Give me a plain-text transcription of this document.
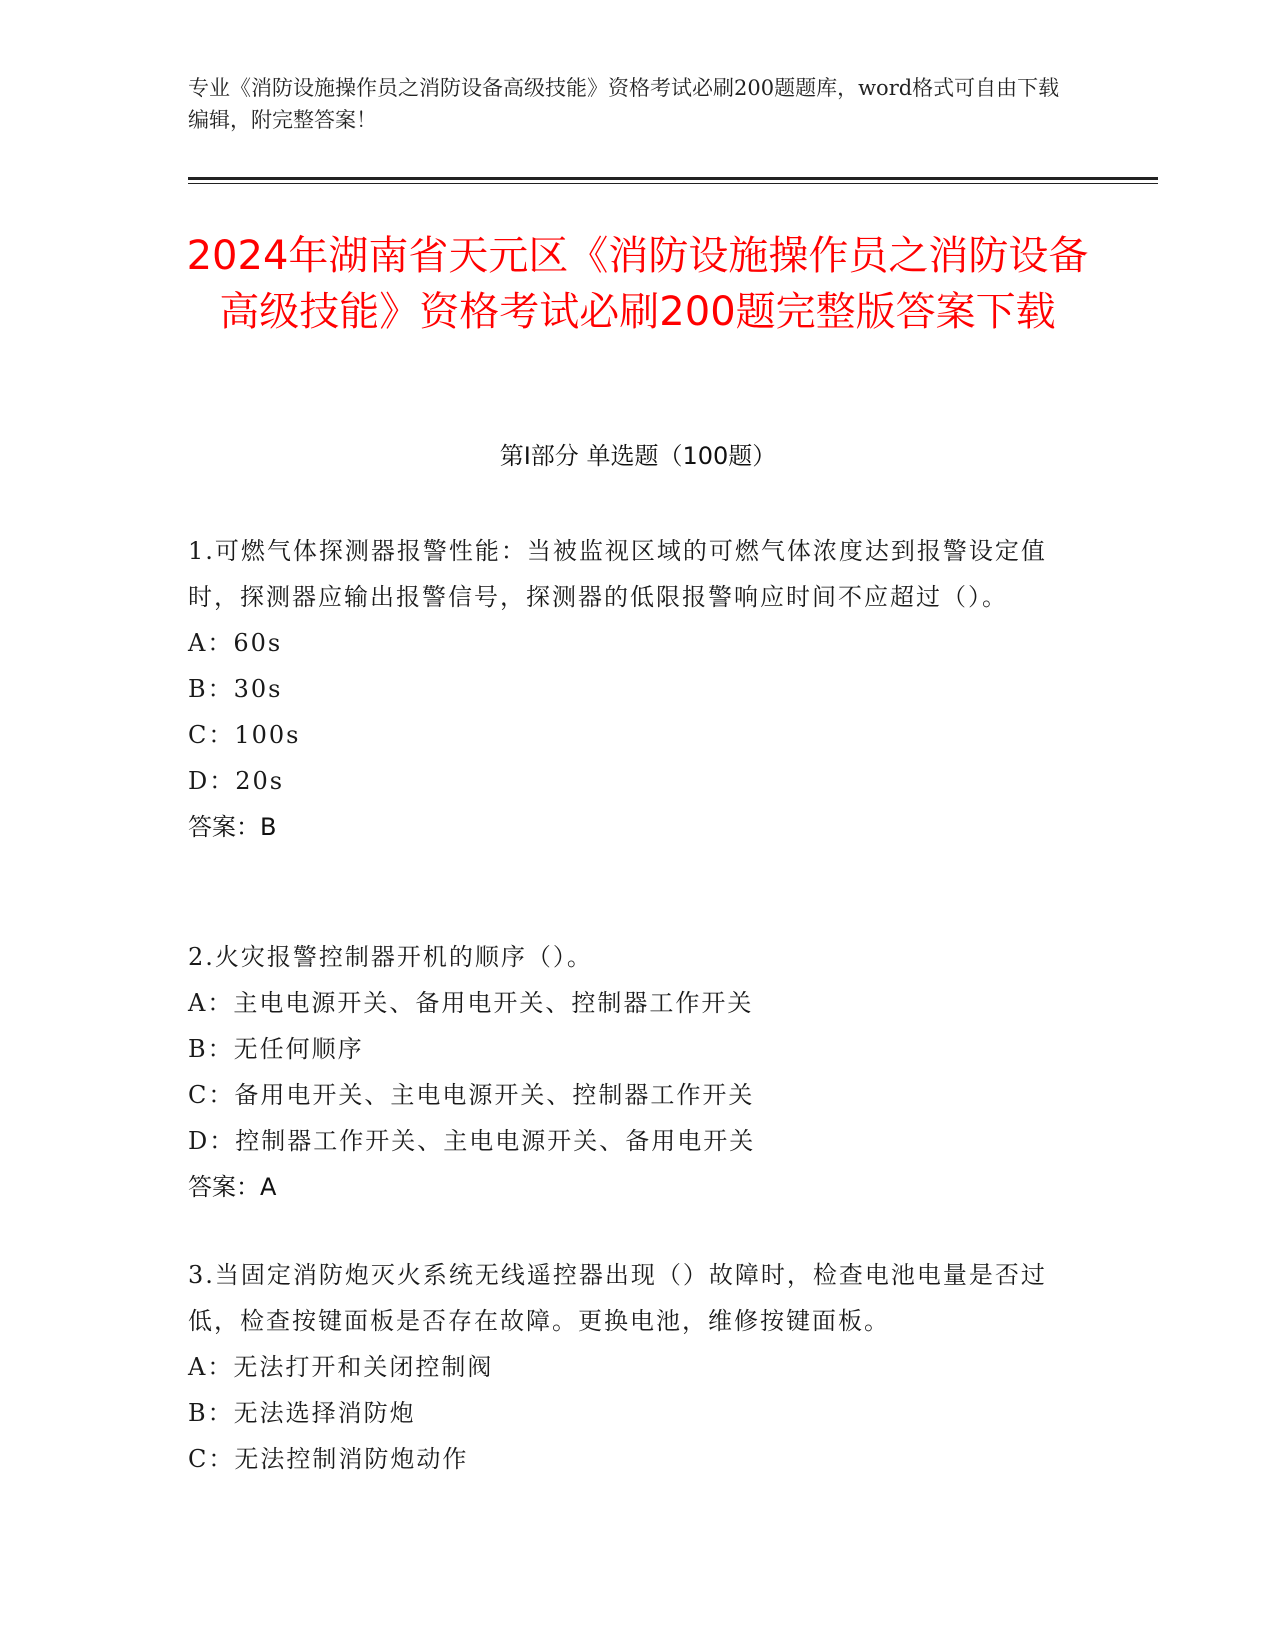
专业《消防设施操作员之消防设备高级技能》资格考试必刷200题题库，word格式可自由下载编辑，附完整答案！
2024年湖南省天元区《消防设施操作员之消防设备高级技能》资格考试必刷200题完整版答案下载
第Ⅰ部分 单选题（100题）
1.可燃气体探测器报警性能：当被监视区域的可燃气体浓度达到报警设定值时，探测器应输出报警信号，探测器的低限报警响应时间不应超过（）。
A：60s
B：30s
C：100s
D：20s
答案：B
2.火灾报警控制器开机的顺序（）。
A：主电电源开关、备用电开关、控制器工作开关
B：无任何顺序
C：备用电开关、主电电源开关、控制器工作开关
D：控制器工作开关、主电电源开关、备用电开关
答案：A
3.当固定消防炮灭火系统无线遥控器出现（）故障时，检查电池电量是否过低，检查按键面板是否存在故障。更换电池，维修按键面板。
A：无法打开和关闭控制阀
B：无法选择消防炮
C：无法控制消防炮动作
